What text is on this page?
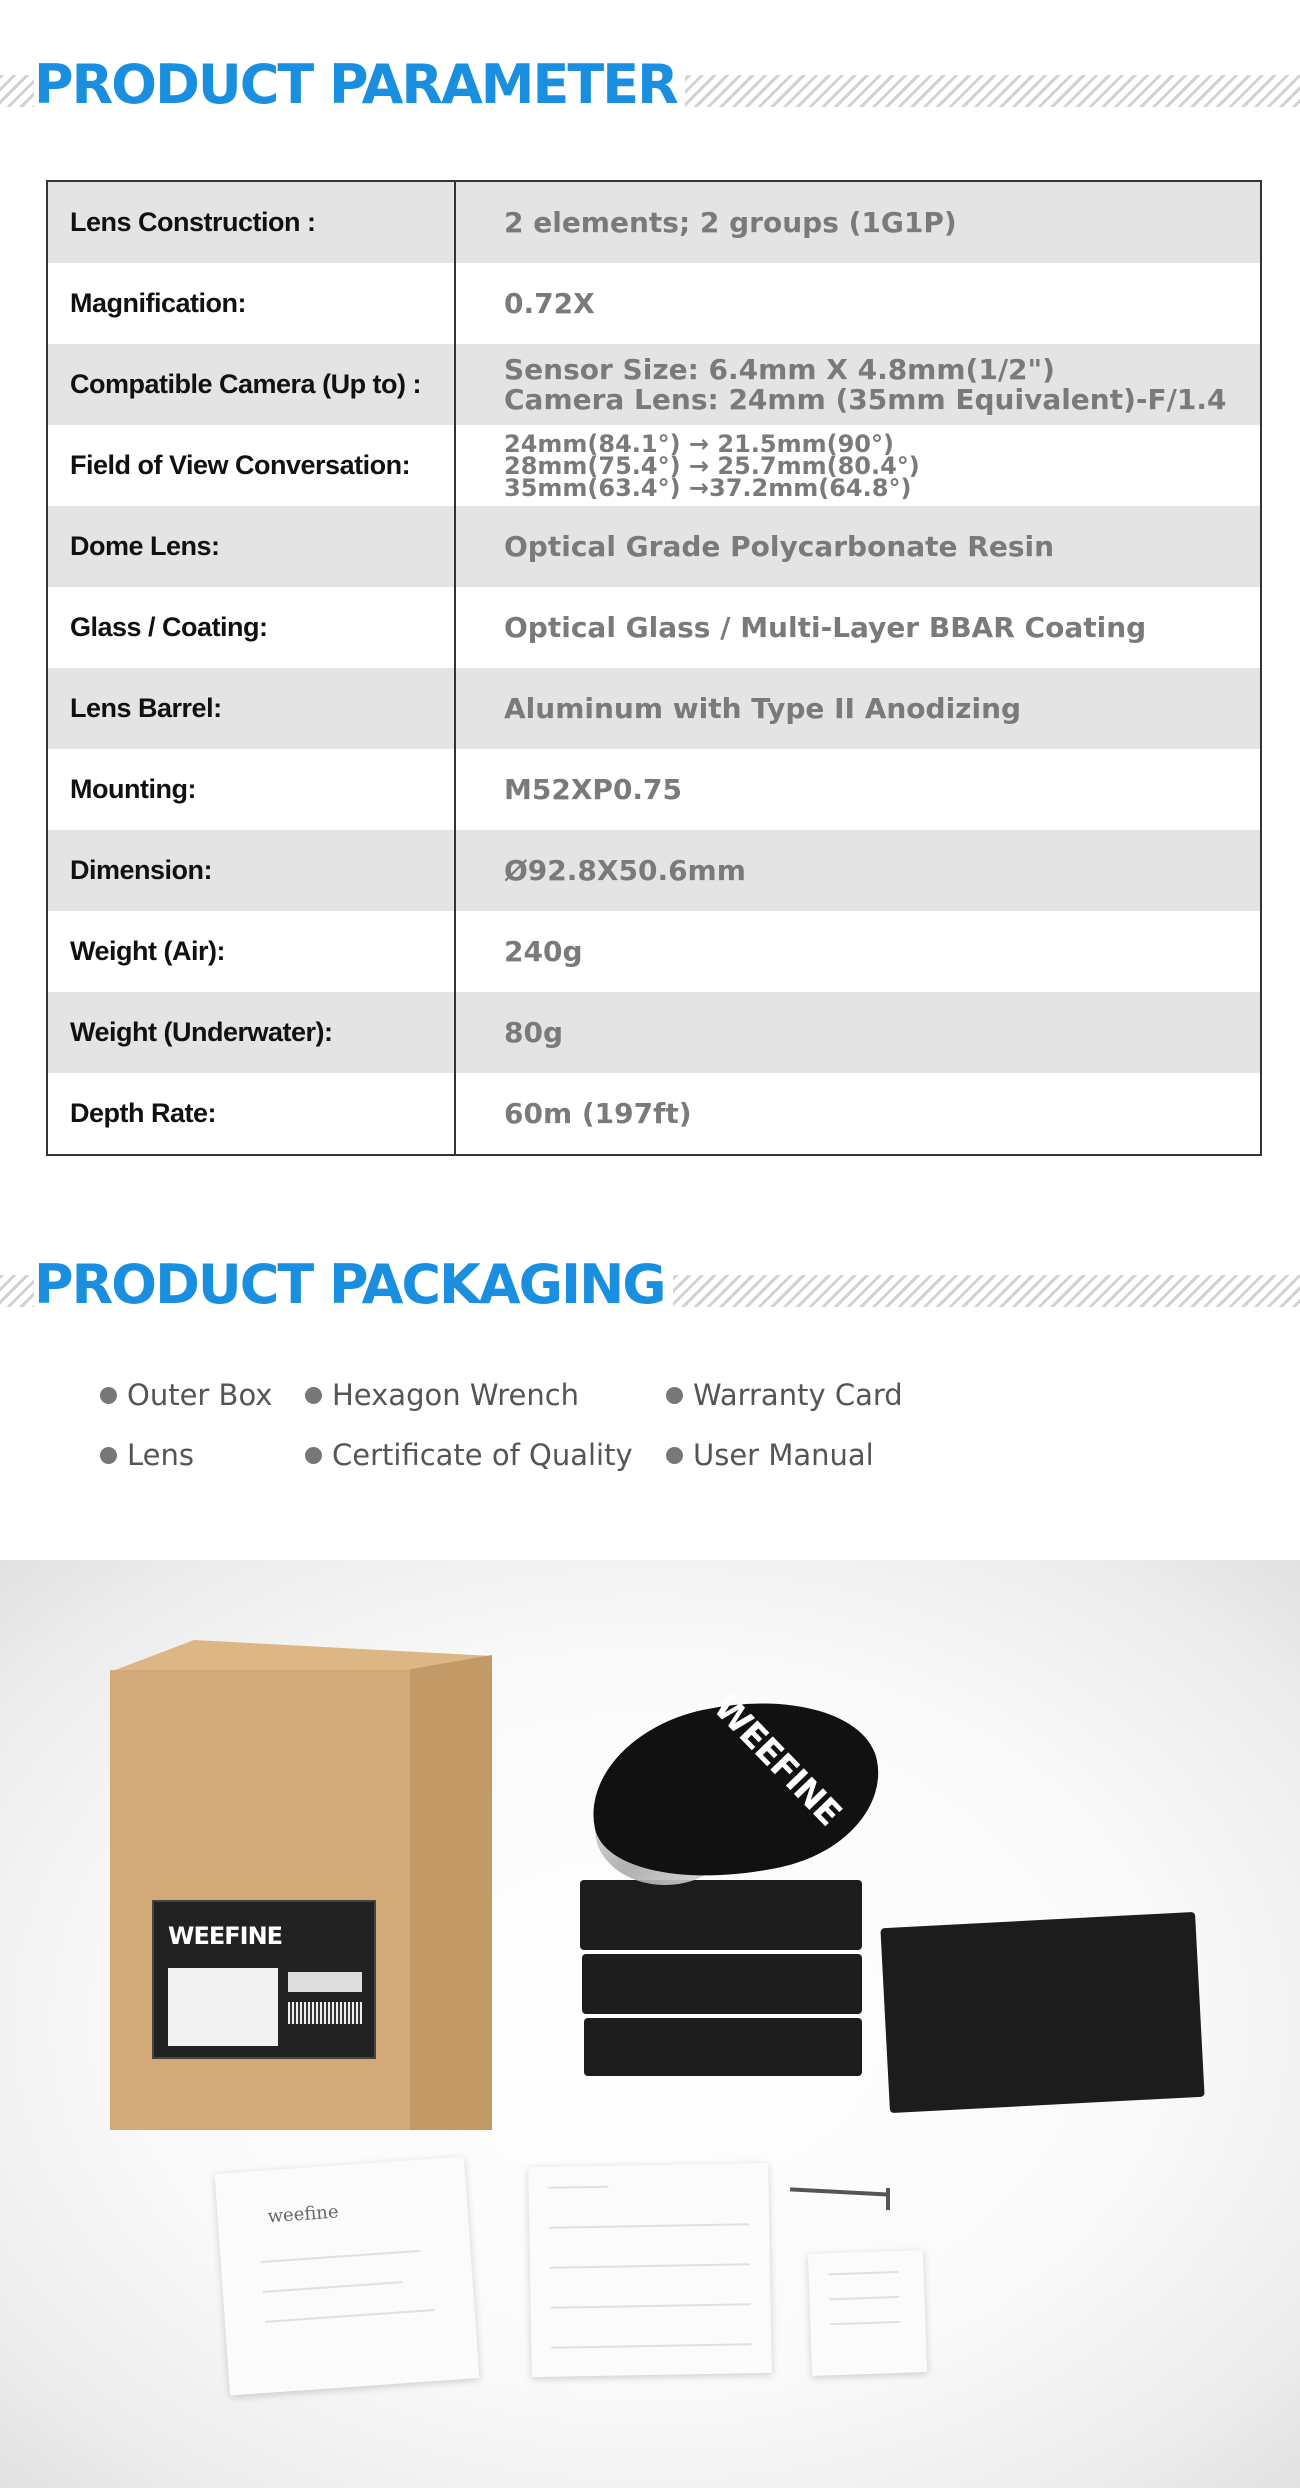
PRODUCT PARAMETER
Lens Construction :	2 elements; 2 groups (1G1P)
Magnification:	0.72X
Compatible Camera (Up to) :	Sensor Size: 6.4mm X 4.8mm(1/2")
Camera Lens: 24mm (35mm Equivalent)-F/1.4
Field of View Conversation:
24mm(84.1°) → 21.5mm(90°)
28mm(75.4°) → 25.7mm(80.4°)
35mm(63.4°) →37.2mm(64.8°)
Dome Lens:	Optical Grade Polycarbonate Resin
Glass / Coating:	Optical Glass / Multi-Layer BBAR Coating
Lens Barrel:	Aluminum with Type II Anodizing
Mounting:	M52XP0.75
Dimension:	Ø92.8X50.6mm
Weight (Air):	240g
Weight (Underwater):	80g
Depth Rate:	60m (197ft)
PRODUCT PACKAGING
Outer Box Hexagon Wrench	Warranty Card
Lens	Certificate of Quality User Manual
WEEFINE
WEEFINE
weefine
